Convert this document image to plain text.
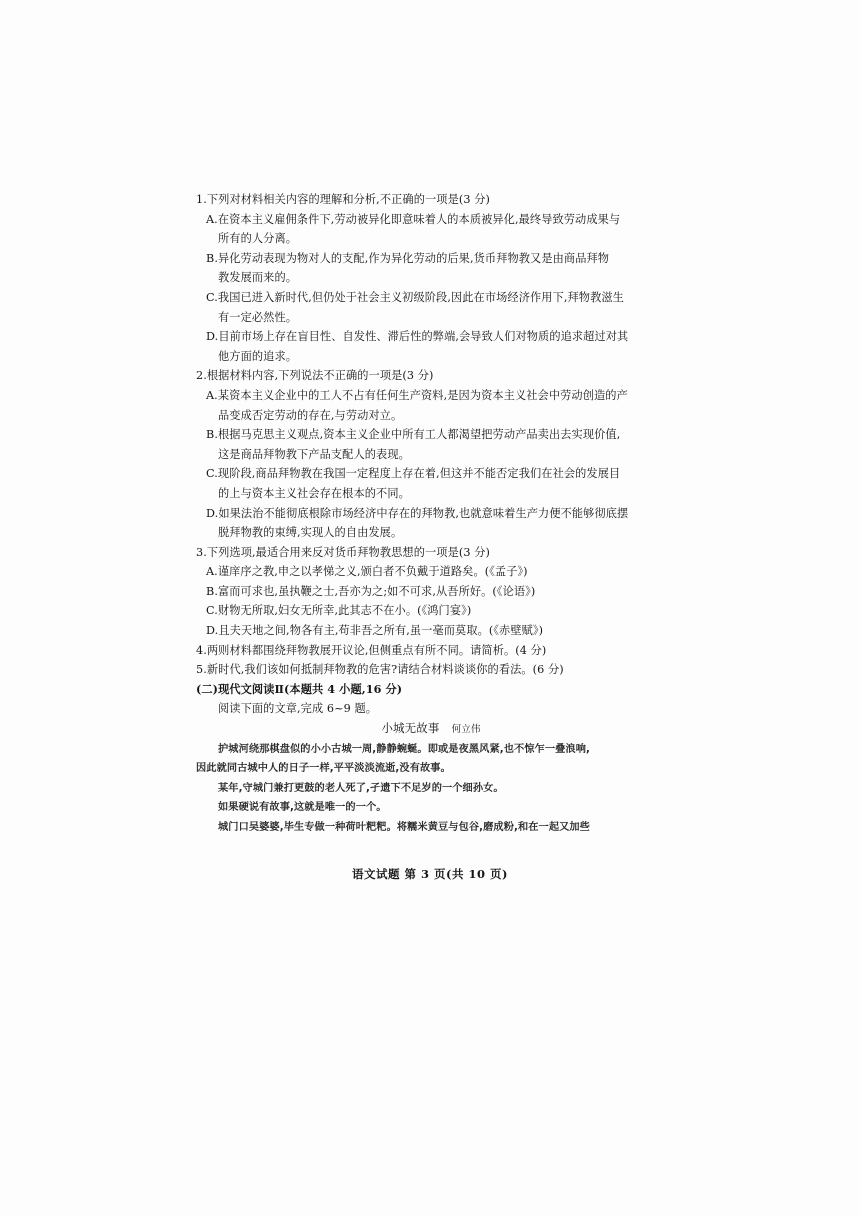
1.下列对材料相关内容的理解和分析,不正确的一项是(3 分)

A.在资本主义雇佣条件下,劳动被异化即意味着人的本质被异化,最终导致劳动成果与

所有的人分离。

B.异化劳动表现为物对人的支配,作为异化劳动的后果,货币拜物教又是由商品拜物

教发展而来的。

C.我国已进入新时代,但仍处于社会主义初级阶段,因此在市场经济作用下,拜物教滋生

有一定必然性。

D.目前市场上存在盲目性、自发性、滞后性的弊端,会导致人们对物质的追求超过对其

他方面的追求。

2.根据材料内容,下列说法不正确的一项是(3 分)

A.某资本主义企业中的工人不占有任何生产资料,是因为资本主义社会中劳动创造的产

品变成否定劳动的存在,与劳动对立。

B.根据马克思主义观点,资本主义企业中所有工人都渴望把劳动产品卖出去实现价值,

这是商品拜物教下产品支配人的表现。

C.现阶段,商品拜物教在我国一定程度上存在着,但这并不能否定我们在社会的发展目

的上与资本主义社会存在根本的不同。

D.如果法治不能彻底根除市场经济中存在的拜物教,也就意味着生产力便不能够彻底摆

脱拜物教的束缚,实现人的自由发展。

3.下列选项,最适合用来反对货币拜物教思想的一项是(3 分)

A.谨庠序之教,申之以孝悌之义,颁白者不负戴于道路矣。(《孟子》)

B.富而可求也,虽执鞭之士,吾亦为之;如不可求,从吾所好。(《论语》)

C.财物无所取,妇女无所幸,此其志不在小。(《鸿门宴》)

D.且夫天地之间,物各有主,苟非吾之所有,虽一毫而莫取。(《赤壁赋》)

4.两则材料都围绕拜物教展开议论,但侧重点有所不同。请简析。(4 分)

5.新时代,我们该如何抵制拜物教的危害?请结合材料谈谈你的看法。(6 分)

(二)现代文阅读Ⅱ(本题共 4 小题,16 分)

阅读下面的文章,完成 6~9 题。

小城无故事 何立伟

护城河绕那棋盘似的小小古城一周,静静蜿蜒。即或是夜黑风紧,也不惊乍一叠浪响,

因此就同古城中人的日子一样,平平淡淡流逝,没有故事。

某年,守城门兼打更鼓的老人死了,孑遗下不足岁的一个细孙女。

如果硬说有故事,这就是唯一的一个。

城门口吴婆婆,毕生专做一种荷叶粑粑。将糯米黄豆与包谷,磨成粉,和在一起又加些

语文试题 第 3 页(共 10 页)
